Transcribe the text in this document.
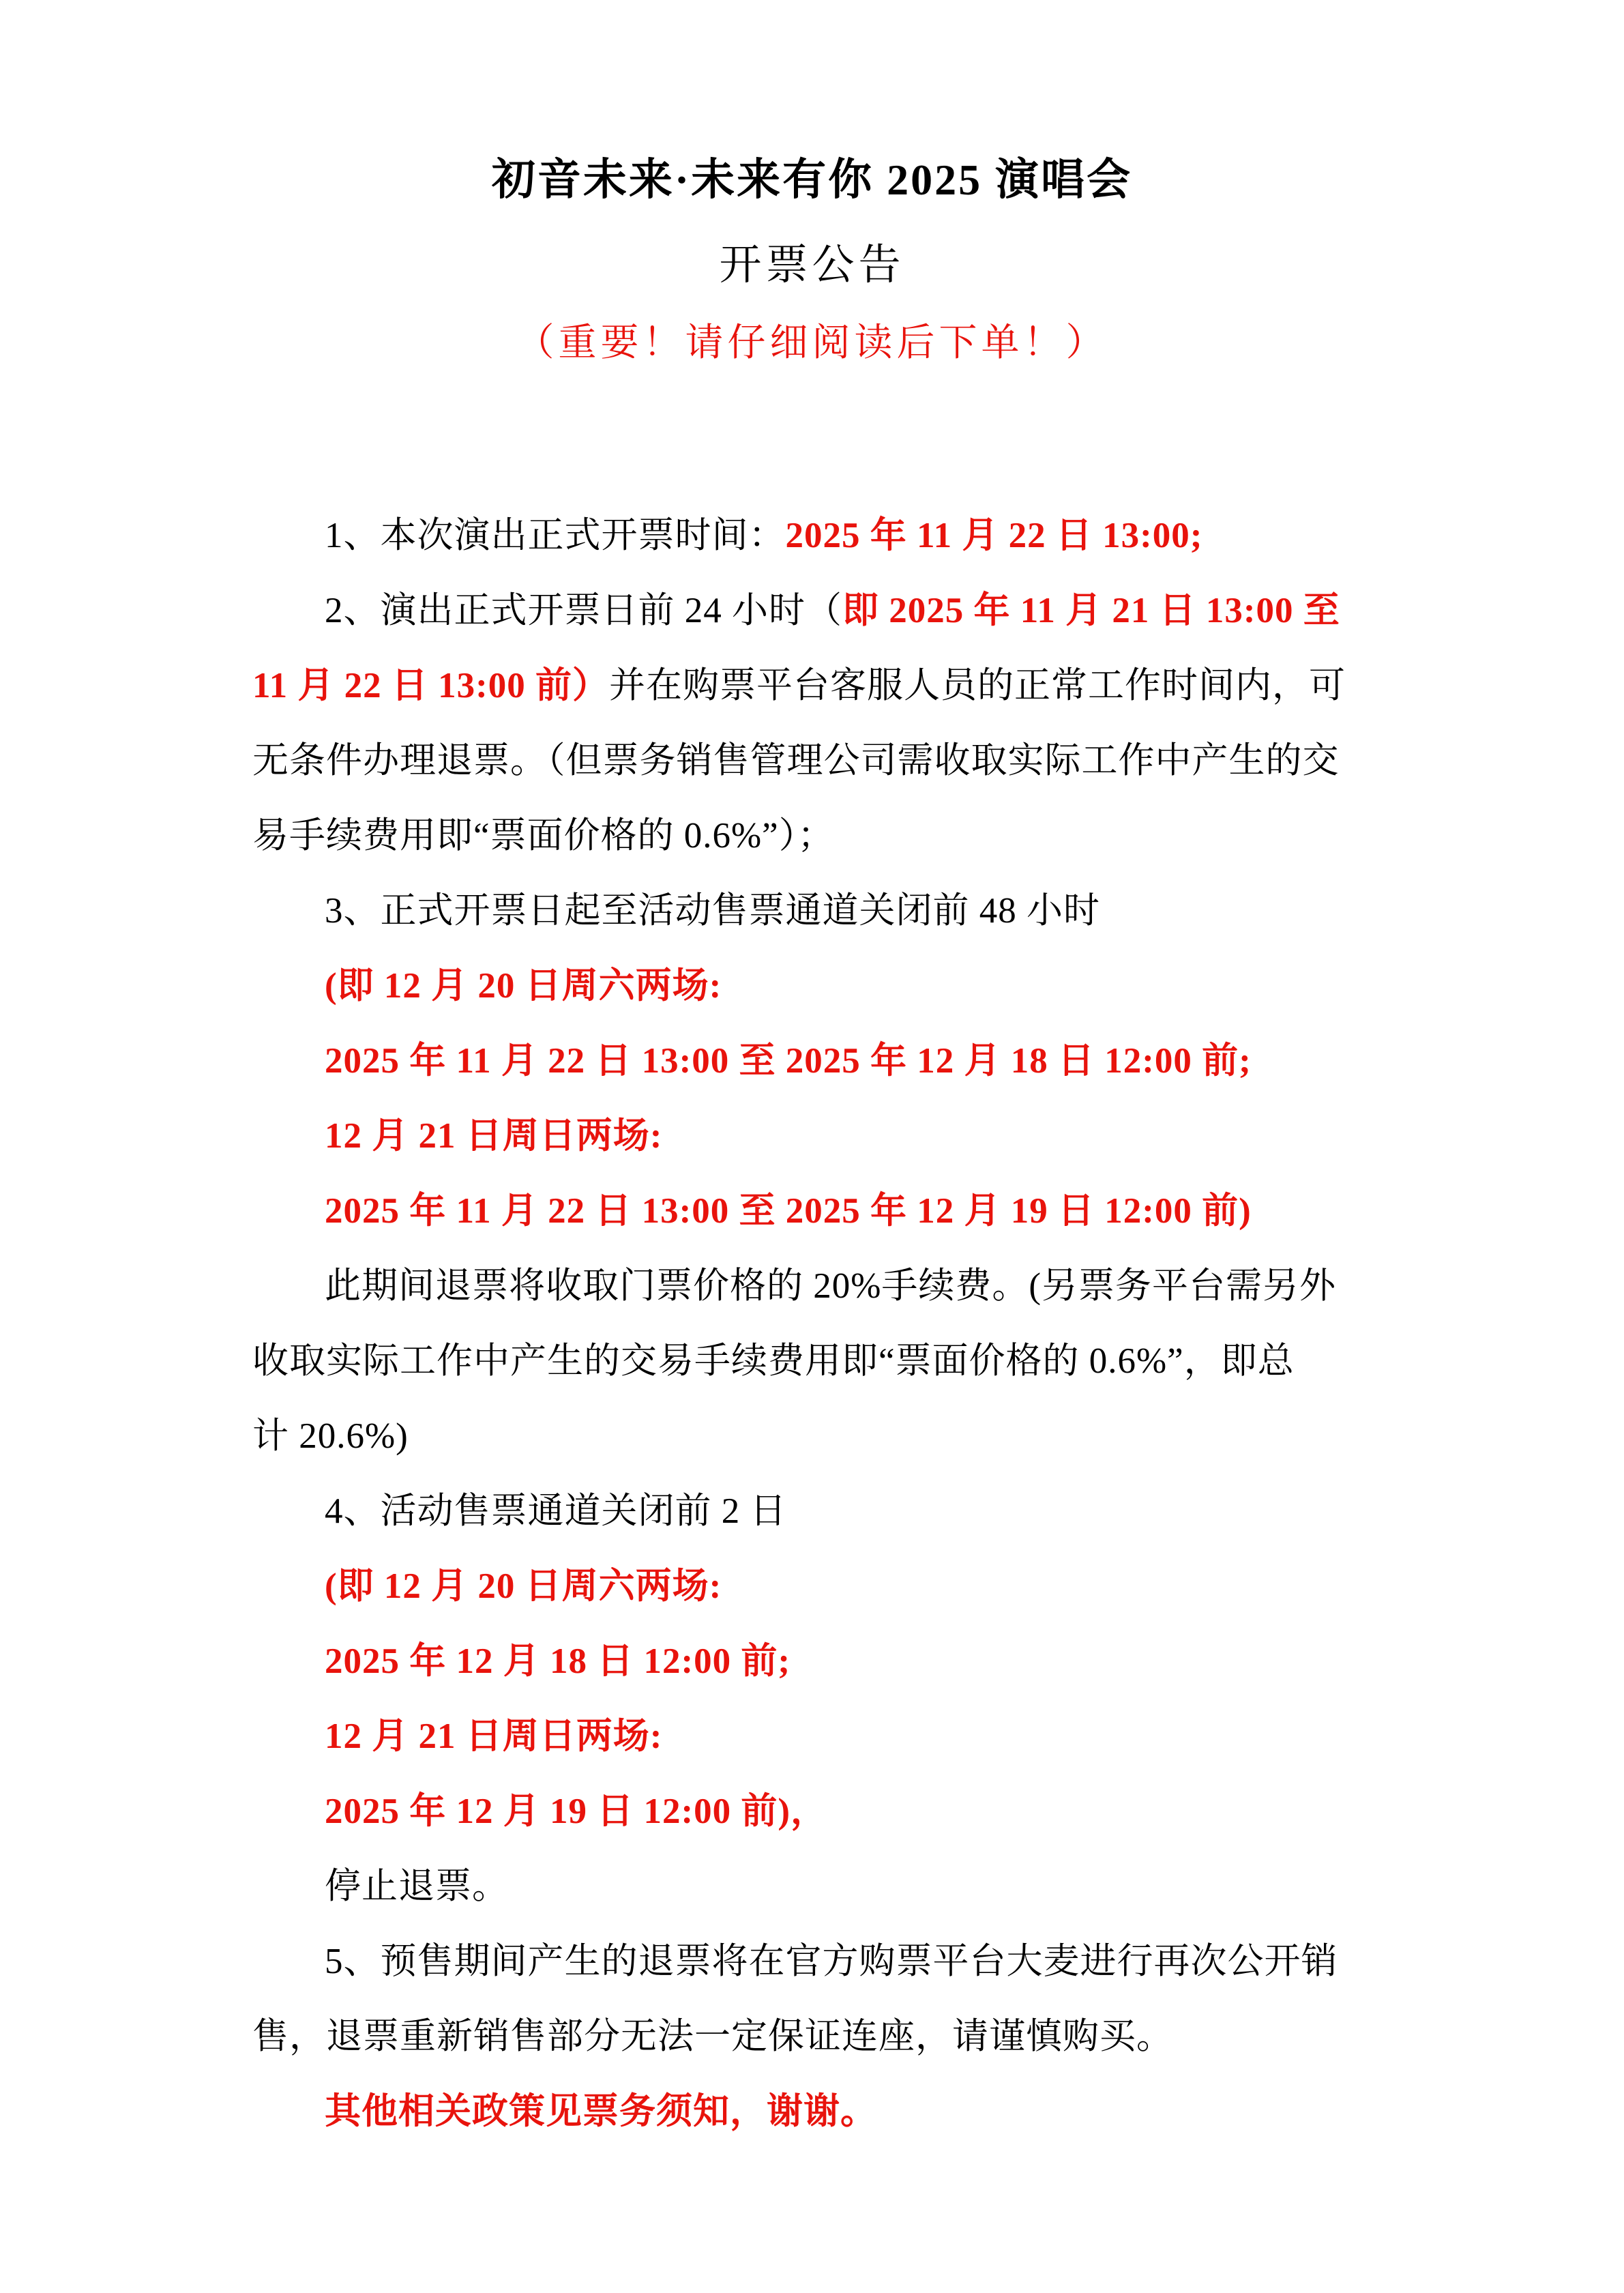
初音未来·未来有你 2025 演唱会
开票公告
（重要！请仔细阅读后下单！）
1、本次演出正式开票时间：2025 年 11 月 22 日 13:00;
2、演出正式开票日前 24 小时（即 2025 年 11 月 21 日 13:00 至
11 月 22 日 13:00 前）并在购票平台客服人员的正常工作时间内，可
无条件办理退票。（但票务销售管理公司需收取实际工作中产生的交
易手续费用即“票面价格的 0.6%”）；
3、正式开票日起至活动售票通道关闭前 48 小时
(即 12 月 20 日周六两场:
2025 年 11 月 22 日 13:00 至 2025 年 12 月 18 日 12:00 前;
12 月 21 日周日两场:
2025 年 11 月 22 日 13:00 至 2025 年 12 月 19 日 12:00 前)
此期间退票将收取门票价格的 20%手续费。(另票务平台需另外
收取实际工作中产生的交易手续费用即“票面价格的 0.6%”，即总
计 20.6%)
4、活动售票通道关闭前 2 日
(即 12 月 20 日周六两场:
2025 年 12 月 18 日 12:00 前;
12 月 21 日周日两场:
2025 年 12 月 19 日 12:00 前)，
停止退票。
5、预售期间产生的退票将在官方购票平台大麦进行再次公开销
售，退票重新销售部分无法一定保证连座，请谨慎购买。
其他相关政策见票务须知，谢谢。
